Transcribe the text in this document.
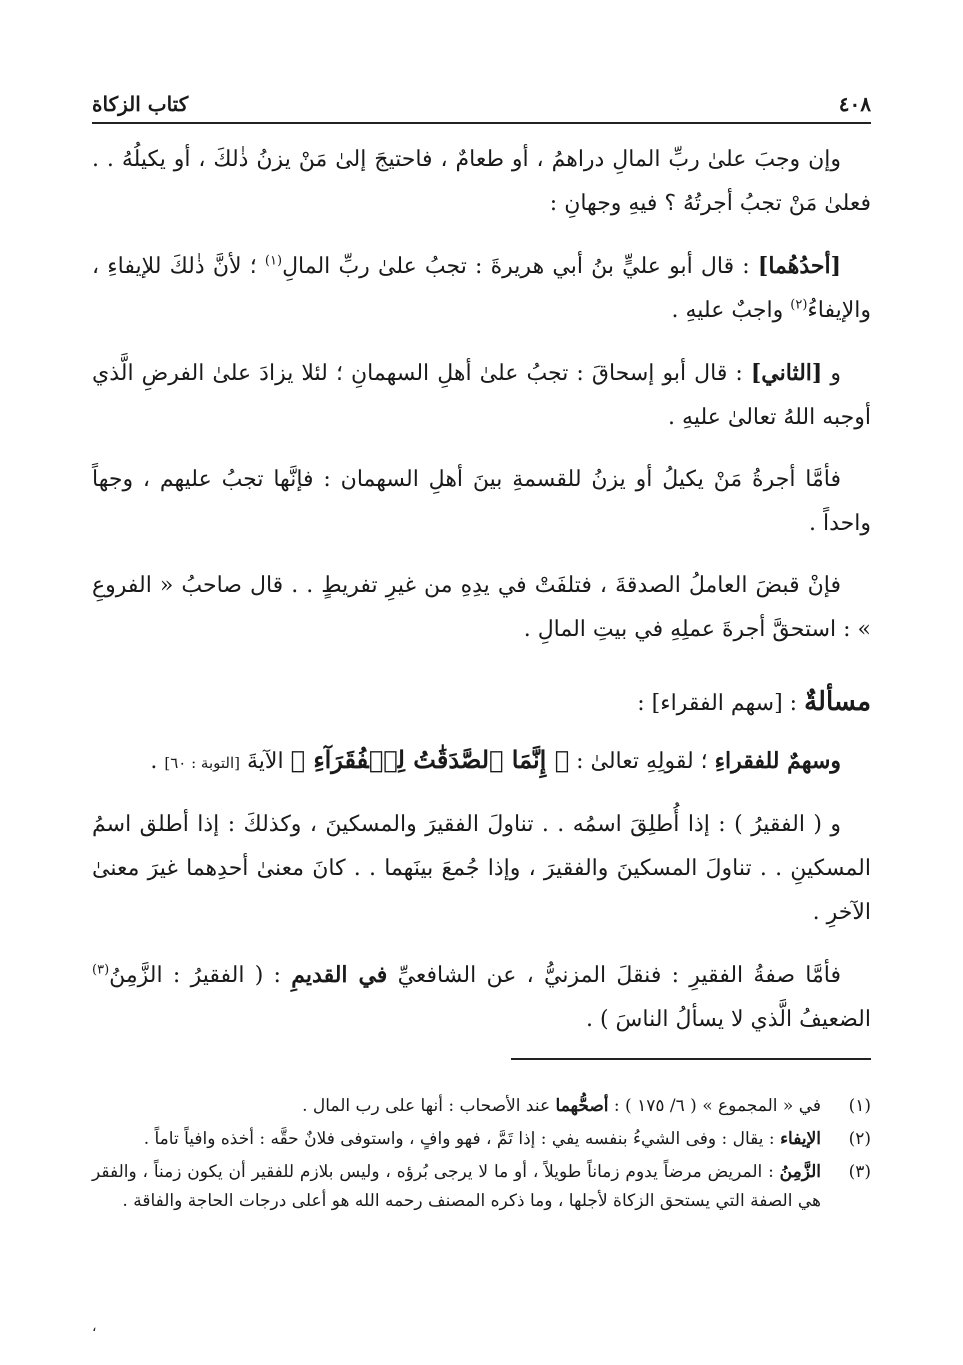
٤٠٨
كتاب الزكاة

وإن وجبَ علىٰ ربِّ المالِ دراهمُ ، أو طعامٌ ، فاحتيجَ إلىٰ مَنْ يزنُ ذٰلكَ ، أو يكيلُهُ . . فعلىٰ مَنْ تجبُ أجرتُهُ ؟ فيهِ وجهانِ :

[أحدُهُما] : قال أبو عليٍّ بنُ أبي هريرةَ : تجبُ علىٰ ربِّ المالِ$^{(١)}$ ؛ لأنَّ ذٰلكَ للإيفاءِ ، والإيفاءُ$^{(٢)}$ واجبٌ عليهِ .

و [الثاني] : قال أبو إسحاقَ : تجبُ علىٰ أهلِ السهمانِ ؛ لئلا يزادَ علىٰ الفرضِ الَّذي أوجبه اللهُ تعالىٰ عليهِ .

فأمَّا أجرةُ مَنْ يكيلُ أو يزنُ للقسمةِ بينَ أهلِ السهمان : فإنَّها تجبُ عليهم ، وجهاً واحداً .

فإنْ قبضَ العاملُ الصدقةَ ، فتلفَتْ في يدِهِ من غيرِ تفريطٍ . . قال صاحبُ « الفروعِ » : استحقَّ أجرةَ عملِهِ في بيتِ المالِ .

مسألةٌ : [سهم الفقراء] :

وسهمٌ للفقراءِ ؛ لقولِهِ تعالىٰ : ﴿ إِنَّمَا ٱلصَّدَقَٰتُ لِلۡفُقَرَآءِ ﴾ الآيةَ [التوبة : ٦٠] .

و ( الفقيرُ ) : إذا أُطلِقَ اسمُه . . تناولَ الفقيرَ والمسكينَ ، وكذلكَ : إذا أطلق اسمُ المسكينِ . . تناولَ المسكينَ والفقيرَ ، وإذا جُمعَ بينَهما . . كانَ معنىٰ أحدِهما غيرَ معنىٰ الآخرِ .

فأمَّا صفةُ الفقيرِ : فنقلَ المزنيُّ ، عن الشافعيِّ في القديمِ : ( الفقيرُ : الزَّمِنُ$^{(٣)}$ الضعيفُ الَّذي لا يسألُ الناسَ ) .

(١)
في « المجموع » ( ٦/ ١٧٥ ) : أصحُّهما عند الأصحاب : أنها على رب المال .
(٢)
الإيفاء : يقال : وفى الشيءُ بنفسه يفي : إذا تَمَّ ، فهو وافٍ ، واستوفى فلانٌ حقَّه : أخذه وافياً تاماً .
(٣)
الزَّمِنُ : المريض مرضاً يدوم زماناً طويلاً ، أو ما لا يرجى بُرؤه ، وليس بلازم للفقير أن يكون زمناً ، والفقر هي الصفة التي يستحق الزكاة لأجلها ، وما ذكره المصنف رحمه الله هو أعلى درجات الحاجة والفاقة .
،
